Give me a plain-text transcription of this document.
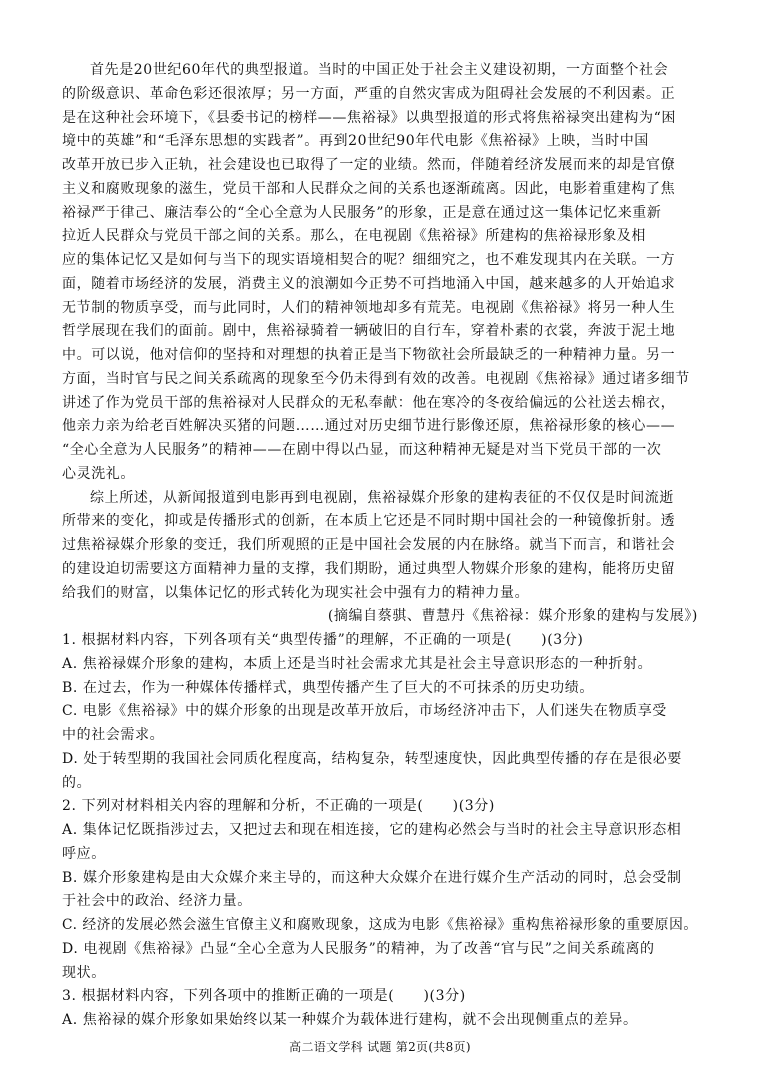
首先是20世纪60年代的典型报道。当时的中国正处于社会主义建设初期，一方面整个社会
的阶级意识、革命色彩还很浓厚；另一方面，严重的自然灾害成为阻碍社会发展的不利因素。正
是在这种社会环境下，《县委书记的榜样——焦裕禄》以典型报道的形式将焦裕禄突出建构为“困
境中的英雄”和“毛泽东思想的实践者”。再到20世纪90年代电影《焦裕禄》上映，当时中国
改革开放已步入正轨，社会建设也已取得了一定的业绩。然而，伴随着经济发展而来的却是官僚
主义和腐败现象的滋生，党员干部和人民群众之间的关系也逐渐疏离。因此，电影着重建构了焦
裕禄严于律己、廉洁奉公的“全心全意为人民服务”的形象，正是意在通过这一集体记忆来重新
拉近人民群众与党员干部之间的关系。那么，在电视剧《焦裕禄》所建构的焦裕禄形象及相
应的集体记忆又是如何与当下的现实语境相契合的呢？细细究之，也不难发现其内在关联。一方
面，随着市场经济的发展，消费主义的浪潮如今正势不可挡地涌入中国，越来越多的人开始追求
无节制的物质享受，而与此同时，人们的精神领地却多有荒芜。电视剧《焦裕禄》将另一种人生
哲学展现在我们的面前。剧中，焦裕禄骑着一辆破旧的自行车，穿着朴素的衣裳，奔波于泥土地
中。可以说，他对信仰的坚持和对理想的执着正是当下物欲社会所最缺乏的一种精神力量。另一
方面，当时官与民之间关系疏离的现象至今仍未得到有效的改善。电视剧《焦裕禄》通过诸多细节
讲述了作为党员干部的焦裕禄对人民群众的无私奉献：他在寒冷的冬夜给偏远的公社送去棉衣，
他亲力亲为给老百姓解决买猪的问题……通过对历史细节进行影像还原，焦裕禄形象的核心——
“全心全意为人民服务”的精神——在剧中得以凸显，而这种精神无疑是对当下党员干部的一次
心灵洗礼。
综上所述，从新闻报道到电影再到电视剧，焦裕禄媒介形象的建构表征的不仅仅是时间流逝
所带来的变化，抑或是传播形式的创新，在本质上它还是不同时期中国社会的一种镜像折射。透
过焦裕禄媒介形象的变迁，我们所观照的正是中国社会发展的内在脉络。就当下而言，和谐社会
的建设迫切需要这方面精神力量的支撑，我们期盼，通过典型人物媒介形象的建构，能将历史留
给我们的财富，以集体记忆的形式转化为现实社会中强有力的精神力量。
(摘编自蔡骐、曹慧丹《焦裕禄：媒介形象的建构与发展》)
1. 根据材料内容，下列各项有关“典型传播”的理解，不正确的一项是(　　)(3分)
A. 焦裕禄媒介形象的建构，本质上还是当时社会需求尤其是社会主导意识形态的一种折射。
B. 在过去，作为一种媒体传播样式，典型传播产生了巨大的不可抹杀的历史功绩。
C. 电影《焦裕禄》中的媒介形象的出现是改革开放后，市场经济冲击下，人们迷失在物质享受
中的社会需求。
D. 处于转型期的我国社会同质化程度高，结构复杂，转型速度快，因此典型传播的存在是很必要
的。
2. 下列对材料相关内容的理解和分析，不正确的一项是(　　)(3分)
A. 集体记忆既指涉过去，又把过去和现在相连接，它的建构必然会与当时的社会主导意识形态相
呼应。
B. 媒介形象建构是由大众媒介来主导的，而这种大众媒介在进行媒介生产活动的同时，总会受制
于社会中的政治、经济力量。
C. 经济的发展必然会滋生官僚主义和腐败现象，这成为电影《焦裕禄》重构焦裕禄形象的重要原因。
D. 电视剧《焦裕禄》凸显“全心全意为人民服务”的精神，为了改善“官与民”之间关系疏离的
现状。
3. 根据材料内容，下列各项中的推断正确的一项是(　　)(3分)
A. 焦裕禄的媒介形象如果始终以某一种媒介为载体进行建构，就不会出现侧重点的差异。
高二语文学科 试题 第2页(共8页)
